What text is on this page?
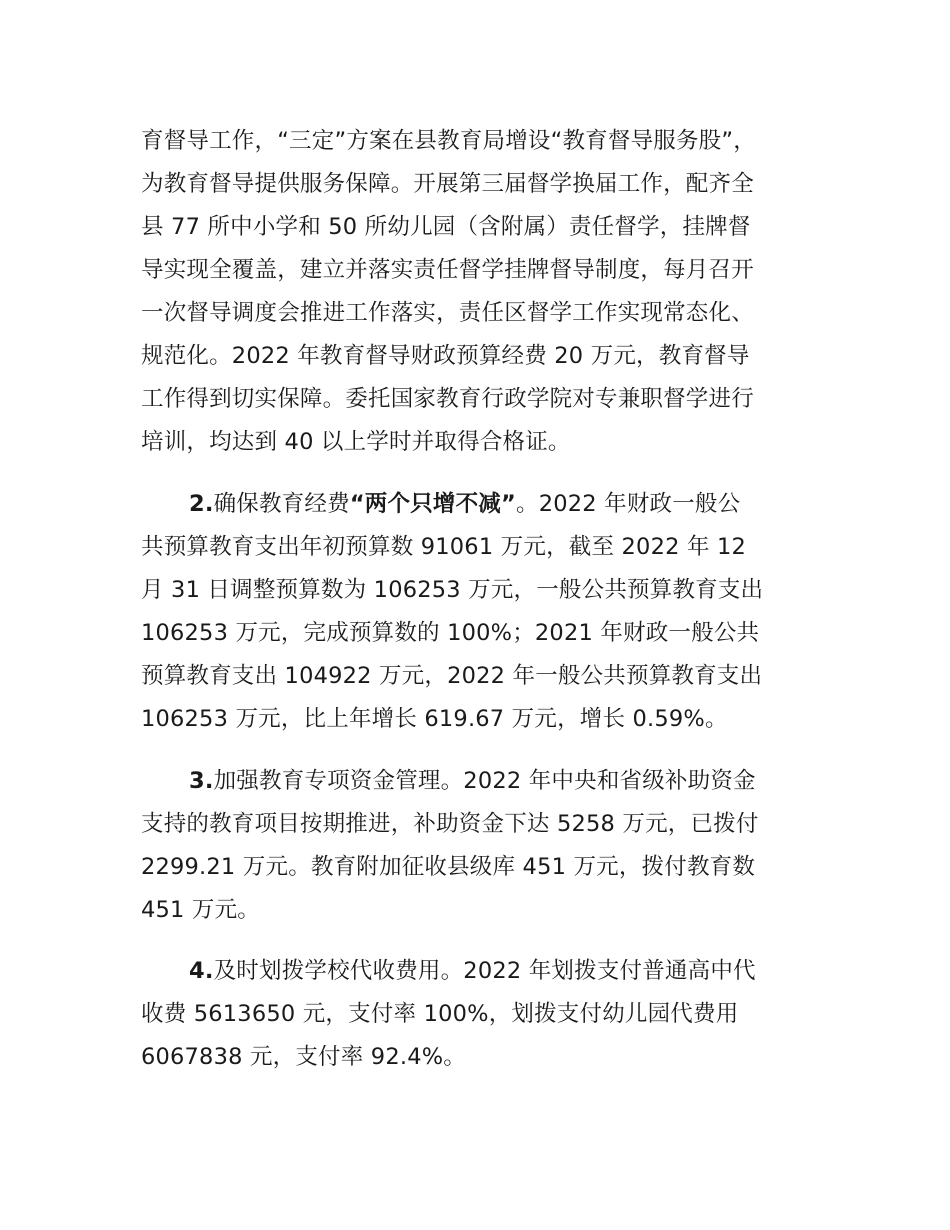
育督导工作，“三定”方案在县教育局增设“教育督导服务股”，
为教育督导提供服务保障。开展第三届督学换届工作，配齐全
县 77 所中小学和 50 所幼儿园（含附属）责任督学，挂牌督
导实现全覆盖，建立并落实责任督学挂牌督导制度，每月召开
一次督导调度会推进工作落实，责任区督学工作实现常态化、
规范化。2022 年教育督导财政预算经费 20 万元，教育督导
工作得到切实保障。委托国家教育行政学院对专兼职督学进行
培训，均达到 40 以上学时并取得合格证。
2.确保教育经费“两个只增不减”。2022 年财政一般公
共预算教育支出年初预算数 91061 万元，截至 2022 年 12
月 31 日调整预算数为 106253 万元，一般公共预算教育支出
106253 万元，完成预算数的 100%；2021 年财政一般公共
预算教育支出 104922 万元，2022 年一般公共预算教育支出
106253 万元，比上年增长 619.67 万元，增长 0.59%。
3.加强教育专项资金管理。2022 年中央和省级补助资金
支持的教育项目按期推进，补助资金下达 5258 万元，已拨付
2299.21 万元。教育附加征收县级库 451 万元，拨付教育数
451 万元。
4.及时划拨学校代收费用。2022 年划拨支付普通高中代
收费 5613650 元，支付率 100%，划拨支付幼儿园代费用
6067838 元，支付率 92.4%。
